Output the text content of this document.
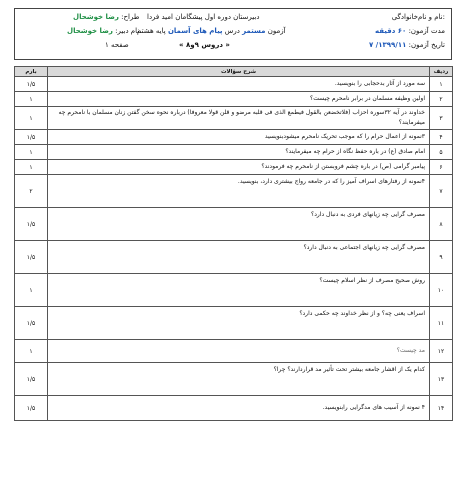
دبیرستان دوره اول پیشگامان امید فردا	نام و نام‌خانوادگی:
مدت آزمون: ۶۰ دقیقه
تاریخ آزمون: ۱۳۹۹/۱۱/ ۷
آزمون مستمر درس پیام های آسمان پایه هشتم
« دروس ۹و۸ »
طراح: رضا خوشحال
نام دبیر: رضا خوشحال
صفحه ۱
بارم	شرح سؤالات	ردیف
۱/۵	سه مورد از آثار بدحجابی را بنویسید.	۱
۱	اولین وظیفه مسلمان در برابر نامحرم چیست؟	۲
۱	خداوند در آیه ۳۲سوره احزاب (فلاتخضعن بالقول فیطمع الذی فی قلبه مرضو و قلن قولا معروفا) درباره نحوه سخن گفتن زنان مسلمان با نامحرم چه میفرمایند؟	۳
۱/۵	۳نمونه از اعمال حرام را که موجب تحریک نامحرم میشودبنویسید	۴
۱	امام صادق (ع) در باره حفظ نگاه از حرام چه میفرمایند؟	۵
۱	پیامبر گرامی (ص) در باره چشم فروبستن از نامحرم چه فرمودند؟	۶
۲	۴نمونه از رفتارهای اسراف آمیز را که در جامعه رواج بیشتری دارد، بنویسید.	۷
۱/۵	مصرف گرایی چه زیانهای فردی به دنبال دارد؟	۸
۱/۵	مصرف گرایی چه زیانهای اجتماعی به دنبال دارد؟	۹
۱	روش صحیح مصرف از نظر اسلام چیست؟	۱۰
۱/۵	اسراف یعنی چه؟ و از نظر خداوند چه حکمی دارد؟	۱۱
۱	مد چیست؟	۱۲
۱/۵	کدام یک از اقشار جامعه بیشتر تحت تأثیر مد قراردارند؟ چرا؟	۱۳
۱/۵	۴ نمونه از آسیب های مدگرایی رابنویسید.	۱۴
